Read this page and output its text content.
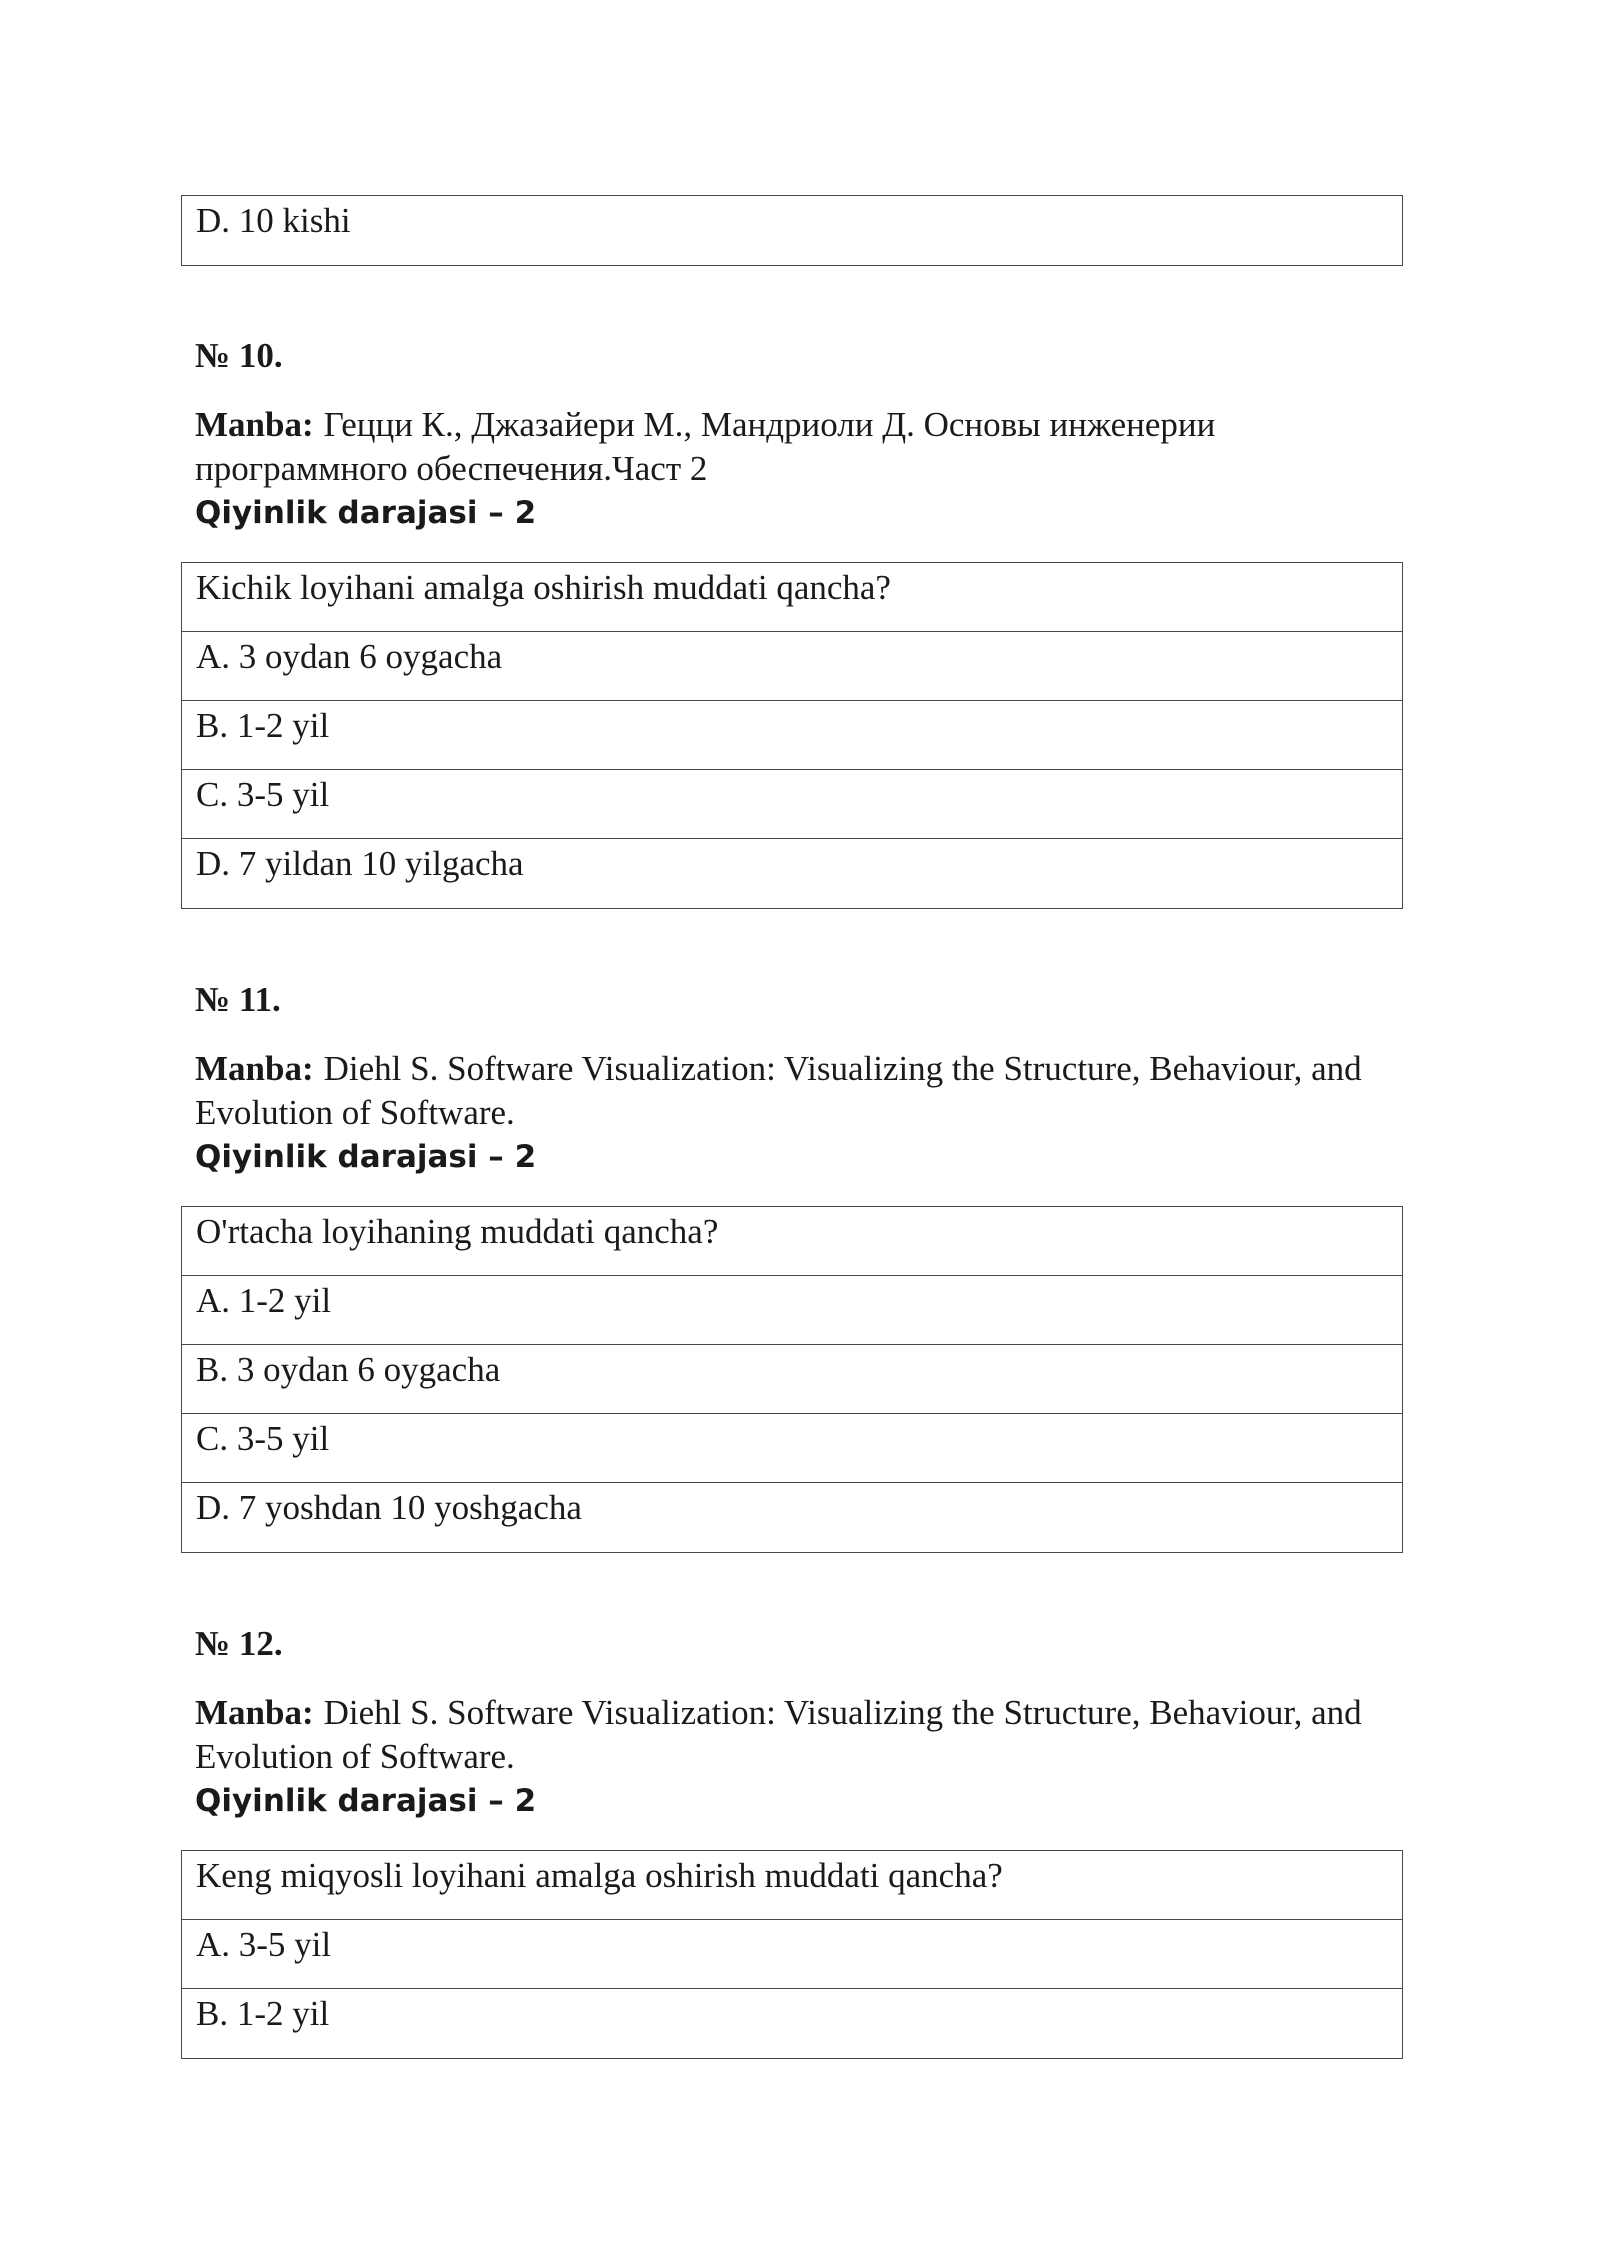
D. 10 kishi
№ 10.
Manba: Гецци К., Джазайери М., Мандриоли Д. Основы инженерии программного обеспечения.Част 2
Qiyinlik darajasi – 2
Kichik loyihani amalga oshirish muddati qancha?
A. 3 oydan 6 oygacha
B. 1-2 yil
C. 3-5 yil
D. 7 yildan 10 yilgacha
№ 11.
Manba: Diehl S. Software Visualization: Visualizing the Structure, Behaviour, and Evolution of Software.
Qiyinlik darajasi – 2
O'rtacha loyihaning muddati qancha?
A. 1-2 yil
B. 3 oydan 6 oygacha
C. 3-5 yil
D. 7 yoshdan 10 yoshgacha
№ 12.
Manba: Diehl S. Software Visualization: Visualizing the Structure, Behaviour, and Evolution of Software.
Qiyinlik darajasi – 2
Keng miqyosli loyihani amalga oshirish muddati qancha?
A. 3-5 yil
B. 1-2 yil
